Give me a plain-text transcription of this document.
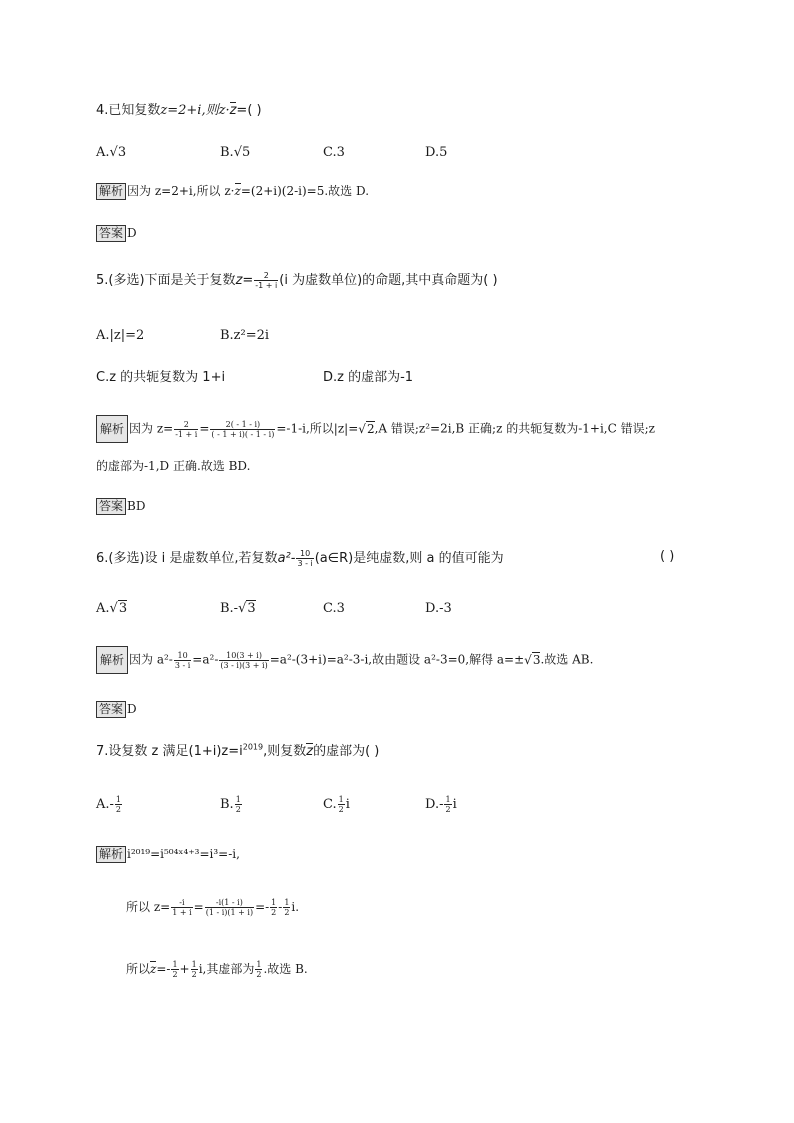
4.已知复数z=2+i,则z·z=( )
A.√3	B.√5	C.3	D.5
解析 因为 z=2+i,所以 z·z=(2+i)(2-i)=5.故选 D.
答案 D
5.(多选)下面是关于复数$z= \frac{2}{-1 + i} (i$ 为虚数单位)的命题,其中真命题为( )
A.|z|=2	B.z²=2i
C.z 的共轭复数为 1+i	D.z 的虚部为-1
解析 因为 $z= \frac{2}{-1 + i} = \frac{2( - 1 - i)}{( - 1 + i)( - 1 - i)} =-1-i$,所以|z|=√2,A 错误;z²=2i,B 正确;z 的共轭复数为-1+i,C 错误;z
的虚部为-1,D 正确.故选 BD.
答案 BD
6.(多选)设 i 是虚数单位,若复数$a^2- \frac{10}{3 - i}$ (a∈R)是纯虚数,则 a 的值可能为	( )
A.√3	B.-√3	C.3	D.-3
解析 因为 $a^2- \frac{10}{3 - i} =a^2- \frac{10(3 + i)}{(3 - i)(3 + i)} =a^2-(3+i)=a^2-3-i$,故由题设 a²-3=0,解得 a=±√3.故选 AB.
答案 D
7.设复数 z 满足$(1+i)z=i^{2019}$,则复数z的虚部为( )
$A.- \frac{1}{2}$	B. $\frac{1}{2}$	C. $\frac{1}{2}$ i	$D.- \frac{1}{2}$ i
解析 i²⁰¹⁹=i⁵⁰⁴ˣ⁴⁺³=i³=-i,
所以 $z= \frac{-i}{1 + i} = \frac{-i(1 - i)}{(1 - i)(1 + i)} =- \frac{1}{2} - \frac{1}{2} i$.
所以$z=- \frac{1}{2} + \frac{1}{2} i$,其虚部为 $\frac{1}{2}$ .故选 B.
